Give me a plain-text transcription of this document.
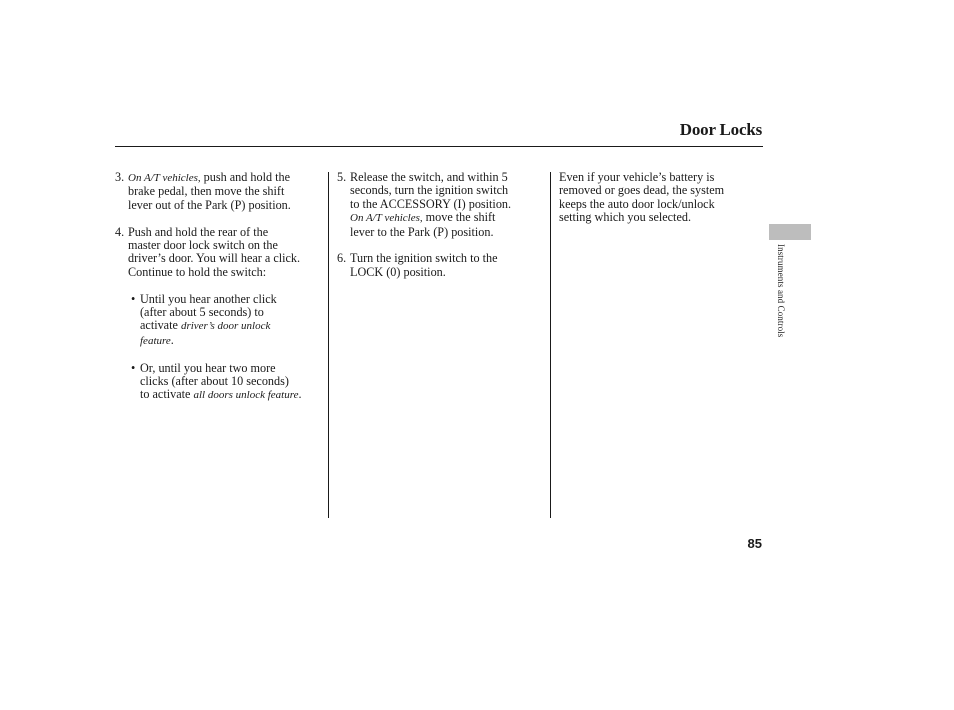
Door Locks
3. On A/T vehicles, push and hold the
brake pedal, then move the shift
lever out of the Park (P) position.
4. Push and hold the rear of the
master door lock switch on the
driver’s door. You will hear a click.
Continue to hold the switch:
• Until you hear another click
(after about 5 seconds) to
activate driver’s door unlock
feature.
• Or, until you hear two more
clicks (after about 10 seconds)
to activate all doors unlock feature.
5. Release the switch, and within 5
seconds, turn the ignition switch
to the ACCESSORY (I) position.
On A/T vehicles, move the shift
lever to the Park (P) position.
6. Turn the ignition switch to the
LOCK (0) position.
Even if your vehicle’s battery is
removed or goes dead, the system
keeps the auto door lock/unlock
setting which you selected.
Instruments and Controls
85
